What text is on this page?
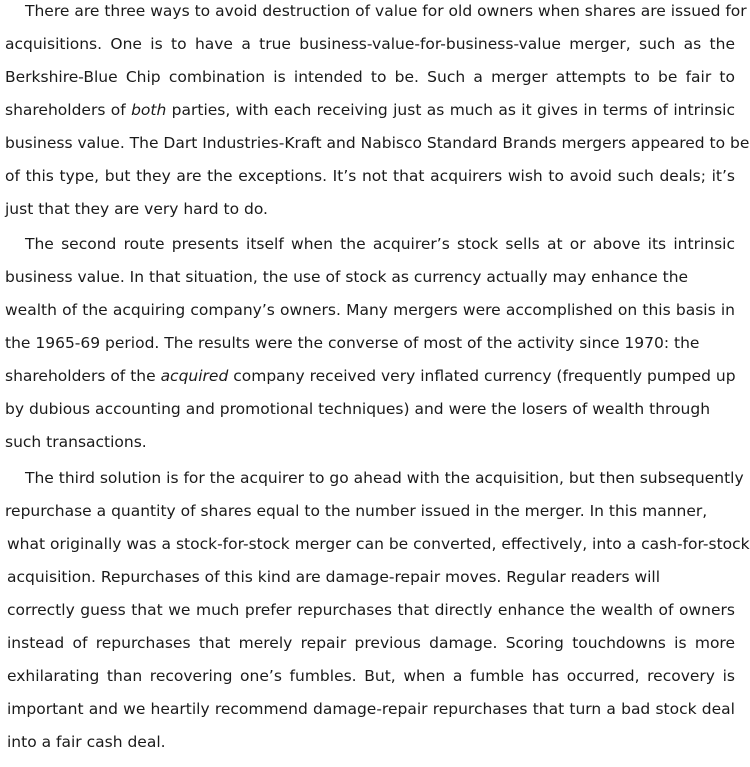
There are three ways to avoid destruction of value for old owners when shares are issued for
acquisitions. One is to have a true business-value-for-business-value merger, such as the
Berkshire-Blue Chip combination is intended to be. Such a merger attempts to be fair to
shareholders of both parties, with each receiving just as much as it gives in terms of intrinsic
business value. The Dart Industries-Kraft and Nabisco Standard Brands mergers appeared to be
of this type, but they are the exceptions. It’s not that acquirers wish to avoid such deals; it’s
just that they are very hard to do.
The second route presents itself when the acquirer’s stock sells at or above its intrinsic
business value. In that situation, the use of stock as currency actually may enhance the
wealth of the acquiring company’s owners. Many mergers were accomplished on this basis in
the 1965-69 period. The results were the converse of most of the activity since 1970: the
shareholders of the acquired company received very inflated currency (frequently pumped up
by dubious accounting and promotional techniques) and were the losers of wealth through
such transactions.
The third solution is for the acquirer to go ahead with the acquisition, but then subsequently
repurchase a quantity of shares equal to the number issued in the merger. In this manner,
what originally was a stock-for-stock merger can be converted, effectively, into a cash-for-stock
acquisition. Repurchases of this kind are damage-repair moves. Regular readers will
correctly guess that we much prefer repurchases that directly enhance the wealth of owners
instead of repurchases that merely repair previous damage. Scoring touchdowns is more
exhilarating than recovering one’s fumbles. But, when a fumble has occurred, recovery is
important and we heartily recommend damage-repair repurchases that turn a bad stock deal
into a fair cash deal.
